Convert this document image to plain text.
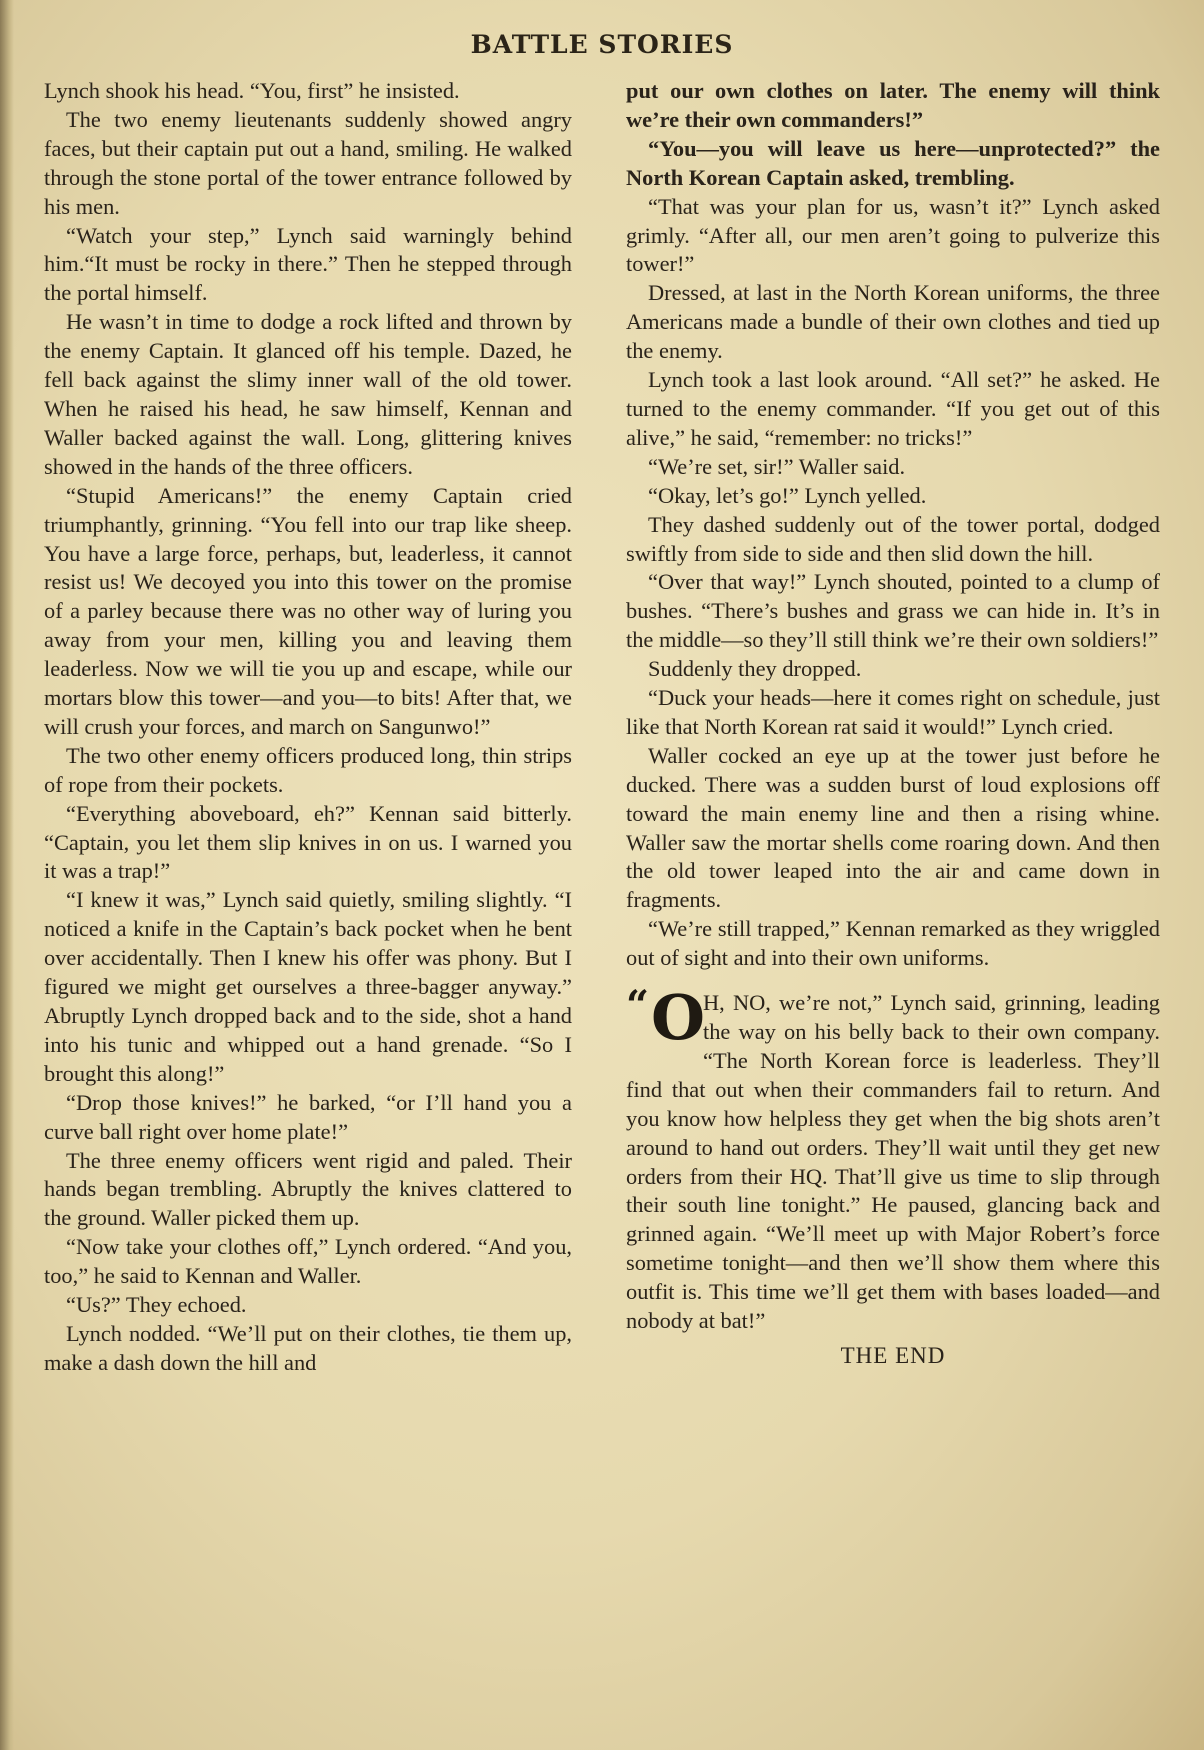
BATTLE STORIES

Lynch shook his head. “You, first” he insisted.

The two enemy lieutenants suddenly showed angry faces, but their captain put out a hand, smiling. He walked through the stone portal of the tower entrance followed by his men.

“Watch your step,” Lynch said warningly behind him.“It must be rocky in there.” Then he stepped through the portal himself.

He wasn’t in time to dodge a rock lifted and thrown by the enemy Captain. It glanced off his temple. Dazed, he fell back against the slimy inner wall of the old tower. When he raised his head, he saw himself, Kennan and Waller backed against the wall. Long, glittering knives showed in the hands of the three officers.

“Stupid Americans!” the enemy Captain cried triumphantly, grinning. “You fell into our trap like sheep. You have a large force, perhaps, but, leaderless, it cannot resist us! We decoyed you into this tower on the promise of a parley because there was no other way of luring you away from your men, killing you and leaving them leaderless. Now we will tie you up and escape, while our mortars blow this tower—and you—to bits! After that, we will crush your forces, and march on Sangunwo!”

The two other enemy officers produced long, thin strips of rope from their pockets.

“Everything aboveboard, eh?” Kennan said bitterly. “Captain, you let them slip knives in on us. I warned you it was a trap!”

“I knew it was,” Lynch said quietly, smiling slightly. “I noticed a knife in the Captain’s back pocket when he bent over accidentally. Then I knew his offer was phony. But I figured we might get ourselves a three-bagger anyway.” Abruptly Lynch dropped back and to the side, shot a hand into his tunic and whipped out a hand grenade. “So I brought this along!”

“Drop those knives!” he barked, “or I’ll hand you a curve ball right over home plate!”

The three enemy officers went rigid and paled. Their hands began trembling. Abruptly the knives clattered to the ground. Waller picked them up.

“Now take your clothes off,” Lynch ordered. “And you, too,” he said to Kennan and Waller.

“Us?” They echoed.

Lynch nodded. “We’ll put on their clothes, tie them up, make a dash down the hill and

put our own clothes on later. The enemy will think we’re their own commanders!”

“You—you will leave us here—unprotected?” the North Korean Captain asked, trembling.

“That was your plan for us, wasn’t it?” Lynch asked grimly. “After all, our men aren’t going to pulverize this tower!”

Dressed, at last in the North Korean uniforms, the three Americans made a bundle of their own clothes and tied up the enemy.

Lynch took a last look around. “All set?” he asked. He turned to the enemy commander. “If you get out of this alive,” he said, “remember: no tricks!”

“We’re set, sir!” Waller said.

“Okay, let’s go!” Lynch yelled.

They dashed suddenly out of the tower portal, dodged swiftly from side to side and then slid down the hill.

“Over that way!” Lynch shouted, pointed to a clump of bushes. “There’s bushes and grass we can hide in. It’s in the middle—so they’ll still think we’re their own soldiers!”

Suddenly they dropped.

“Duck your heads—here it comes right on schedule, just like that North Korean rat said it would!” Lynch cried.

Waller cocked an eye up at the tower just before he ducked. There was a sudden burst of loud explosions off toward the main enemy line and then a rising whine. Waller saw the mortar shells come roaring down. And then the old tower leaped into the air and came down in fragments.

“We’re still trapped,” Kennan remarked as they wriggled out of sight and into their own uniforms.

“ O
H, NO, we’re not,” Lynch said, grinning, leading the way on his belly back to their own company. “The North Korean force is leaderless. They’ll find that out when their commanders fail to return. And you know how helpless they get when the big shots aren’t around to hand out orders. They’ll wait until they get new orders from their HQ. That’ll give us time to slip through their south line tonight.” He paused, glancing back and grinned again. “We’ll meet up with Major Robert’s force sometime tonight—and then we’ll show them where this outfit is. This time we’ll get them with bases loaded—and nobody at bat!”

THE END
